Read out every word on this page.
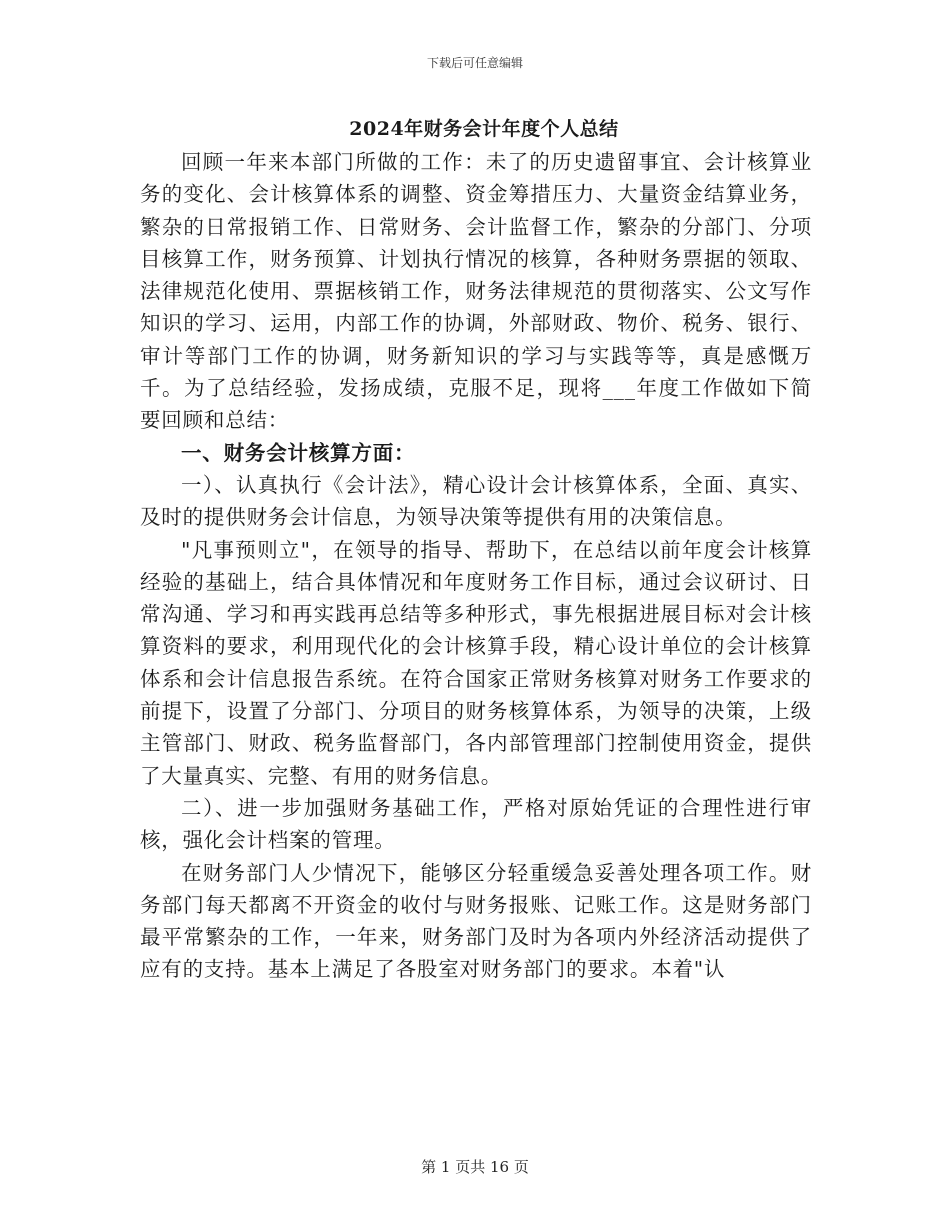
下载后可任意编辑
2024年财务会计年度个人总结

回顾一年来本部门所做的工作：未了的历史遗留事宜、会计核算业务的变化、会计核算体系的调整、资金筹措压力、大量资金结算业务，繁杂的日常报销工作、日常财务、会计监督工作，繁杂的分部门、分项目核算工作，财务预算、计划执行情况的核算，各种财务票据的领取、法律规范化使用、票据核销工作，财务法律规范的贯彻落实、公文写作知识的学习、运用，内部工作的协调，外部财政、物价、税务、银行、审计等部门工作的协调，财务新知识的学习与实践等等，真是感慨万千。为了总结经验，发扬成绩，克服不足，现将___年度工作做如下简要回顾和总结：

一、财务会计核算方面：

一）、认真执行《会计法》，精心设计会计核算体系，全面、真实、及时的提供财务会计信息，为领导决策等提供有用的决策信息。

"凡事预则立"，在领导的指导、帮助下，在总结以前年度会计核算经验的基础上，结合具体情况和年度财务工作目标，通过会议研讨、日常沟通、学习和再实践再总结等多种形式，事先根据进展目标对会计核算资料的要求，利用现代化的会计核算手段，精心设计单位的会计核算体系和会计信息报告系统。在符合国家正常财务核算对财务工作要求的前提下，设置了分部门、分项目的财务核算体系，为领导的决策，上级主管部门、财政、税务监督部门，各内部管理部门控制使用资金，提供了大量真实、完整、有用的财务信息。

二）、进一步加强财务基础工作，严格对原始凭证的合理性进行审核，强化会计档案的管理。

在财务部门人少情况下，能够区分轻重缓急妥善处理各项工作。财务部门每天都离不开资金的收付与财务报账、记账工作。这是财务部门最平常繁杂的工作，一年来，财务部门及时为各项内外经济活动提供了应有的支持。基本上满足了各股室对财务部门的要求。本着"认

第 1 页共 16 页
